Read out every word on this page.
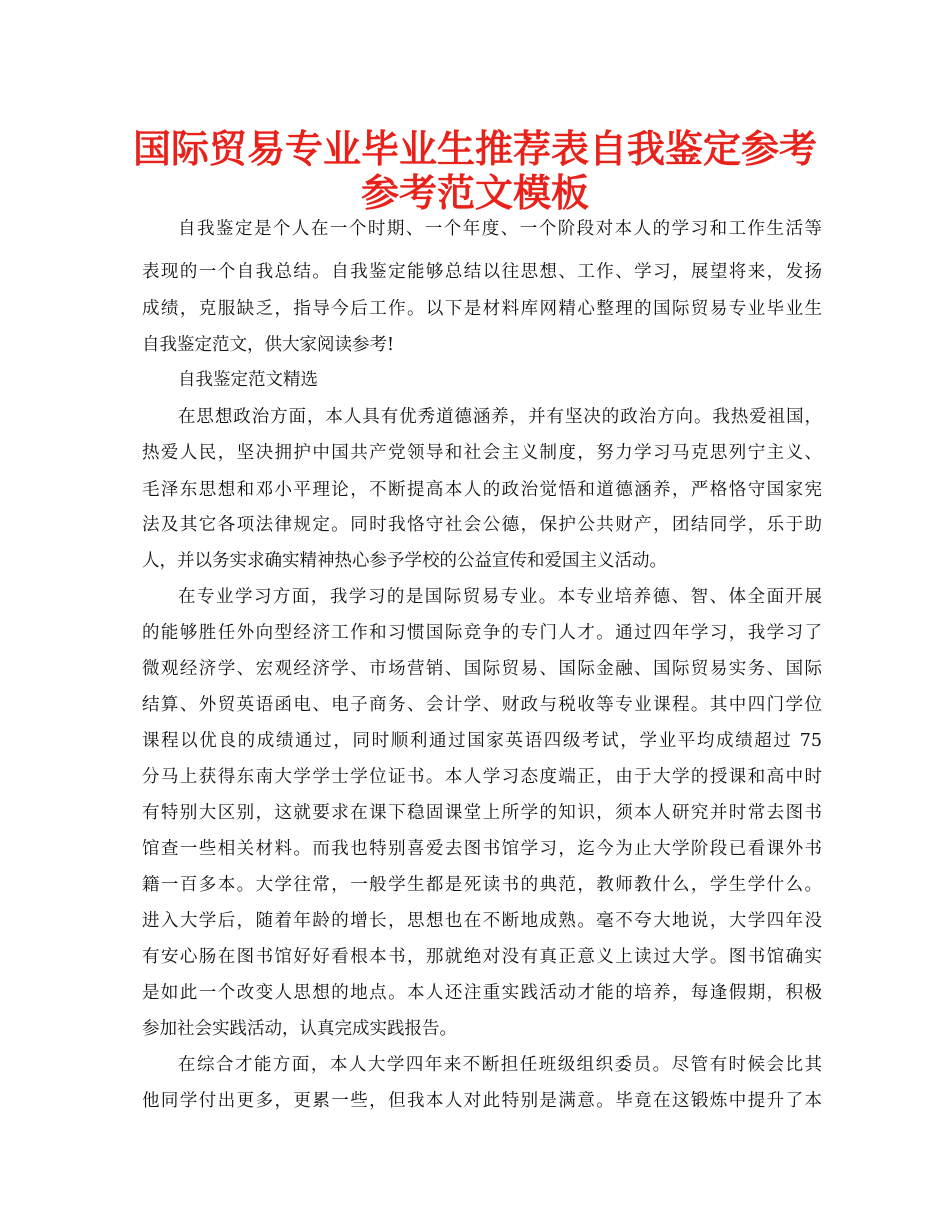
国际贸易专业毕业生推荐表自我鉴定参考
参考范文模板
自我鉴定是个人在一个时期、一个年度、一个阶段对本人的学习和工作生活等
表现的一个自我总结。自我鉴定能够总结以往思想、工作、学习，展望将来，发扬
成绩，克服缺乏，指导今后工作。以下是材料库网精心整理的国际贸易专业毕业生
自我鉴定范文，供大家阅读参考!
自我鉴定范文精选
在思想政治方面，本人具有优秀道德涵养，并有坚决的政治方向。我热爱祖国，
热爱人民，坚决拥护中国共产党领导和社会主义制度，努力学习马克思列宁主义、
毛泽东思想和邓小平理论，不断提高本人的政治觉悟和道德涵养，严格恪守国家宪
法及其它各项法律规定。同时我恪守社会公德，保护公共财产，团结同学，乐于助
人，并以务实求确实精神热心参予学校的公益宣传和爱国主义活动。
在专业学习方面，我学习的是国际贸易专业。本专业培养德、智、体全面开展
的能够胜任外向型经济工作和习惯国际竞争的专门人才。通过四年学习，我学习了
微观经济学、宏观经济学、市场营销、国际贸易、国际金融、国际贸易实务、国际
结算、外贸英语函电、电子商务、会计学、财政与税收等专业课程。其中四门学位
课程以优良的成绩通过，同时顺利通过国家英语四级考试，学业平均成绩超过 75
分马上获得东南大学学士学位证书。本人学习态度端正，由于大学的授课和高中时
有特别大区别，这就要求在课下稳固课堂上所学的知识，须本人研究并时常去图书
馆查一些相关材料。而我也特别喜爱去图书馆学习，迄今为止大学阶段已看课外书
籍一百多本。大学往常，一般学生都是死读书的典范，教师教什么，学生学什么。
进入大学后，随着年龄的增长，思想也在不断地成熟。毫不夸大地说，大学四年没
有安心肠在图书馆好好看根本书，那就绝对没有真正意义上读过大学。图书馆确实
是如此一个改变人思想的地点。本人还注重实践活动才能的培养，每逢假期，积极
参加社会实践活动，认真完成实践报告。
在综合才能方面，本人大学四年来不断担任班级组织委员。尽管有时候会比其
他同学付出更多，更累一些，但我本人对此特别是满意。毕竟在这锻炼中提升了本
